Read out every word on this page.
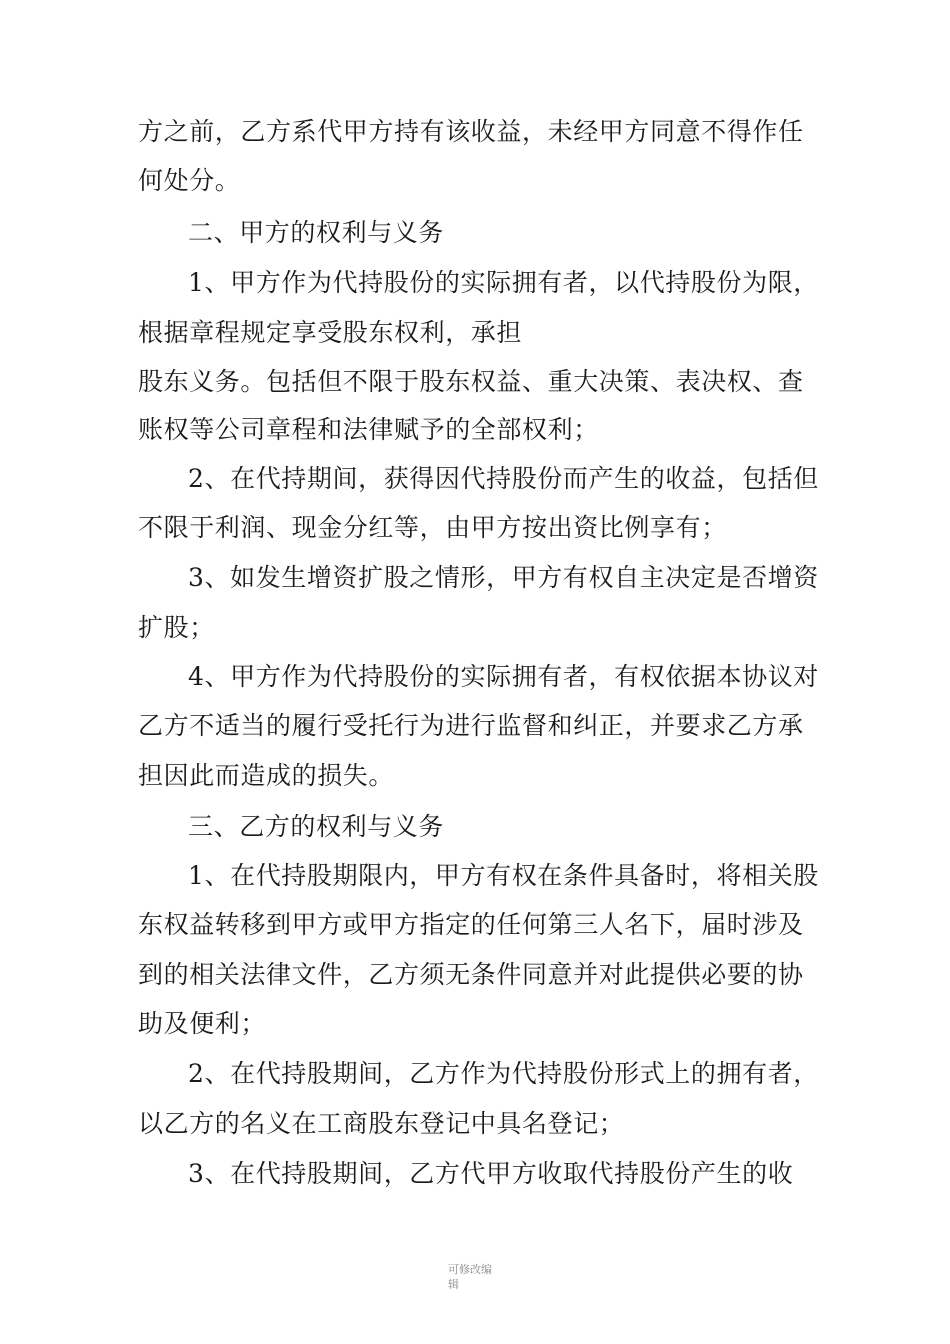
方之前，乙方系代甲方持有该收益，未经甲方同意不得作任
何处分。
二、甲方的权利与义务
1、甲方作为代持股份的实际拥有者，以代持股份为限，
根据章程规定享受股东权利，承担
股东义务。包括但不限于股东权益、重大决策、表决权、查
账权等公司章程和法律赋予的全部权利；
2、在代持期间，获得因代持股份而产生的收益，包括但
不限于利润、现金分红等，由甲方按出资比例享有；
3、如发生增资扩股之情形，甲方有权自主决定是否增资
扩股；
4、甲方作为代持股份的实际拥有者，有权依据本协议对
乙方不适当的履行受托行为进行监督和纠正，并要求乙方承
担因此而造成的损失。
三、乙方的权利与义务
1、在代持股期限内，甲方有权在条件具备时，将相关股
东权益转移到甲方或甲方指定的任何第三人名下，届时涉及
到的相关法律文件，乙方须无条件同意并对此提供必要的协
助及便利；
2、在代持股期间，乙方作为代持股份形式上的拥有者，
以乙方的名义在工商股东登记中具名登记；
3、在代持股期间，乙方代甲方收取代持股份产生的收
可修改编
辑
